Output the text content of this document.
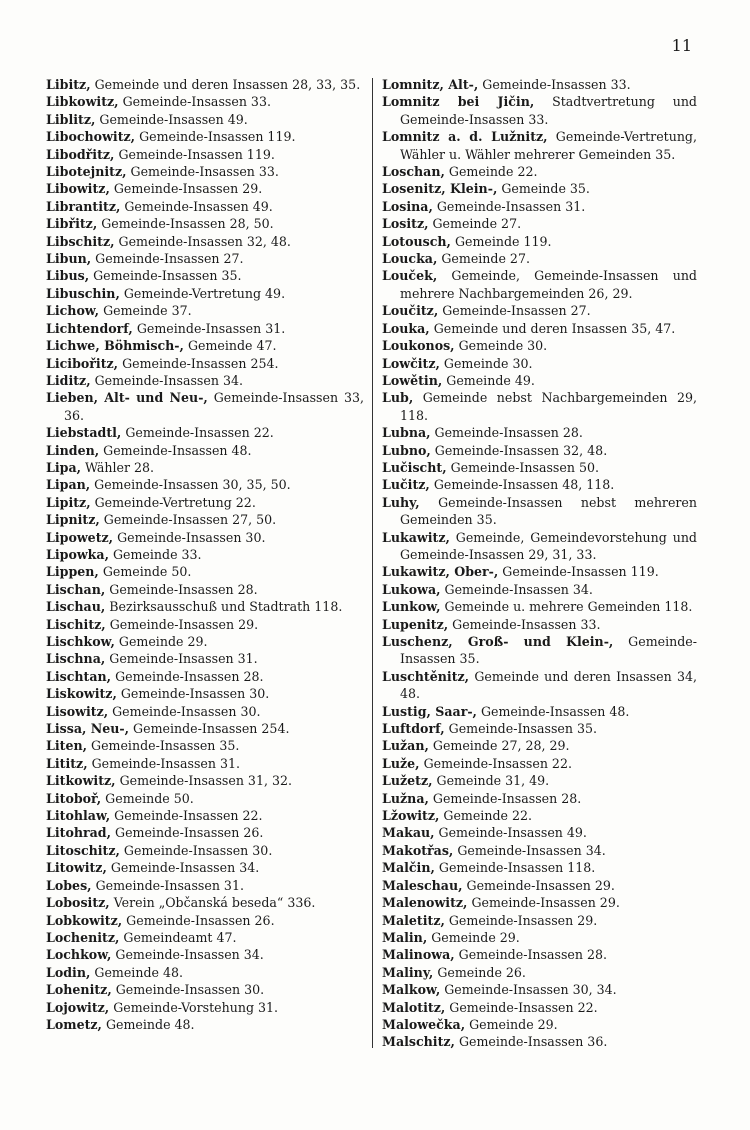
11

Libitz, Gemeinde und deren Insassen 28, 33, 35.

Libkowitz, Gemeinde-Insassen 33.

Liblitz, Gemeinde-Insassen 49.

Libochowitz, Gemeinde-Insassen 119.

Libodřitz, Gemeinde-Insassen 119.

Libotejnitz, Gemeinde-Insassen 33.

Libowitz, Gemeinde-Insassen 29.

Librantitz, Gemeinde-Insassen 49.

Libřitz, Gemeinde-Insassen 28, 50.

Libschitz, Gemeinde-Insassen 32, 48.

Libun, Gemeinde-Insassen 27.

Libus, Gemeinde-Insassen 35.

Libuschin, Gemeinde-Vertretung 49.

Lichow, Gemeinde 37.

Lichtendorf, Gemeinde-Insassen 31.

Lichwe, Böhmisch-, Gemeinde 47.

Licibořitz, Gemeinde-Insassen 254.

Liditz, Gemeinde-Insassen 34.

Lieben, Alt- und Neu-, Gemeinde-Insassen 33, 36.

Liebstadtl, Gemeinde-Insassen 22.

Linden, Gemeinde-Insassen 48.

Lipa, Wähler 28.

Lipan, Gemeinde-Insassen 30, 35, 50.

Lipitz, Gemeinde-Vertretung 22.

Lipnitz, Gemeinde-Insassen 27, 50.

Lipowetz, Gemeinde-Insassen 30.

Lipowka, Gemeinde 33.

Lippen, Gemeinde 50.

Lischan, Gemeinde-Insassen 28.

Lischau, Bezirksausschuß und Stadtrath 118.

Lischitz, Gemeinde-Insassen 29.

Lischkow, Gemeinde 29.

Lischna, Gemeinde-Insassen 31.

Lischtan, Gemeinde-Insassen 28.

Liskowitz, Gemeinde-Insassen 30.

Lisowitz, Gemeinde-Insassen 30.

Lissa, Neu-, Gemeinde-Insassen 254.

Liten, Gemeinde-Insassen 35.

Lititz, Gemeinde-Insassen 31.

Litkowitz, Gemeinde-Insassen 31, 32.

Litoboř, Gemeinde 50.

Litohlaw, Gemeinde-Insassen 22.

Litohrad, Gemeinde-Insassen 26.

Litoschitz, Gemeinde-Insassen 30.

Litowitz, Gemeinde-Insassen 34.

Lobes, Gemeinde-Insassen 31.

Lobositz, Verein „Občanská beseda“ 336.

Lobkowitz, Gemeinde-Insassen 26.

Lochenitz, Gemeindeamt 47.

Lochkow, Gemeinde-Insassen 34.

Lodin, Gemeinde 48.

Lohenitz, Gemeinde-Insassen 30.

Lojowitz, Gemeinde-Vorstehung 31.

Lometz, Gemeinde 48.

Lomnitz, Alt-, Gemeinde-Insassen 33.

Lomnitz bei Jičin, Stadtvertretung und Gemeinde-Insassen 33.

Lomnitz a. d. Lužnitz, Gemeinde-Vertretung, Wähler u. Wähler mehrerer Gemeinden 35.

Loschan, Gemeinde 22.

Losenitz, Klein-, Gemeinde 35.

Losina, Gemeinde-Insassen 31.

Lositz, Gemeinde 27.

Lotousch, Gemeinde 119.

Loucka, Gemeinde 27.

Louček, Gemeinde, Gemeinde-Insassen und mehrere Nachbargemeinden 26, 29.

Loučitz, Gemeinde-Insassen 27.

Louka, Gemeinde und deren Insassen 35, 47.

Loukonos, Gemeinde 30.

Lowčitz, Gemeinde 30.

Lowětin, Gemeinde 49.

Lub, Gemeinde nebst Nachbargemeinden 29, 118.

Lubna, Gemeinde-Insassen 28.

Lubno, Gemeinde-Insassen 32, 48.

Lučischt, Gemeinde-Insassen 50.

Lučitz, Gemeinde-Insassen 48, 118.

Luhy, Gemeinde-Insassen nebst mehreren Gemeinden 35.

Lukawitz, Gemeinde, Gemeindevorstehung und Gemeinde-Insassen 29, 31, 33.

Lukawitz, Ober-, Gemeinde-Insassen 119.

Lukowa, Gemeinde-Insassen 34.

Lunkow, Gemeinde u. mehrere Gemeinden 118.

Lupenitz, Gemeinde-Insassen 33.

Luschenz, Groß- und Klein-, Gemeinde-Insassen 35.

Luschtěnitz, Gemeinde und deren Insassen 34, 48.

Lustig, Saar-, Gemeinde-Insassen 48.

Luftdorf, Gemeinde-Insassen 35.

Lužan, Gemeinde 27, 28, 29.

Luže, Gemeinde-Insassen 22.

Lužetz, Gemeinde 31, 49.

Lužna, Gemeinde-Insassen 28.

Lžowitz, Gemeinde 22.

Makau, Gemeinde-Insassen 49.

Makotřas, Gemeinde-Insassen 34.

Malčin, Gemeinde-Insassen 118.

Maleschau, Gemeinde-Insassen 29.

Malenowitz, Gemeinde-Insassen 29.

Maletitz, Gemeinde-Insassen 29.

Malin, Gemeinde 29.

Malinowa, Gemeinde-Insassen 28.

Maliny, Gemeinde 26.

Malkow, Gemeinde-Insassen 30, 34.

Malotitz, Gemeinde-Insassen 22.

Malowečka, Gemeinde 29.

Malschitz, Gemeinde-Insassen 36.
